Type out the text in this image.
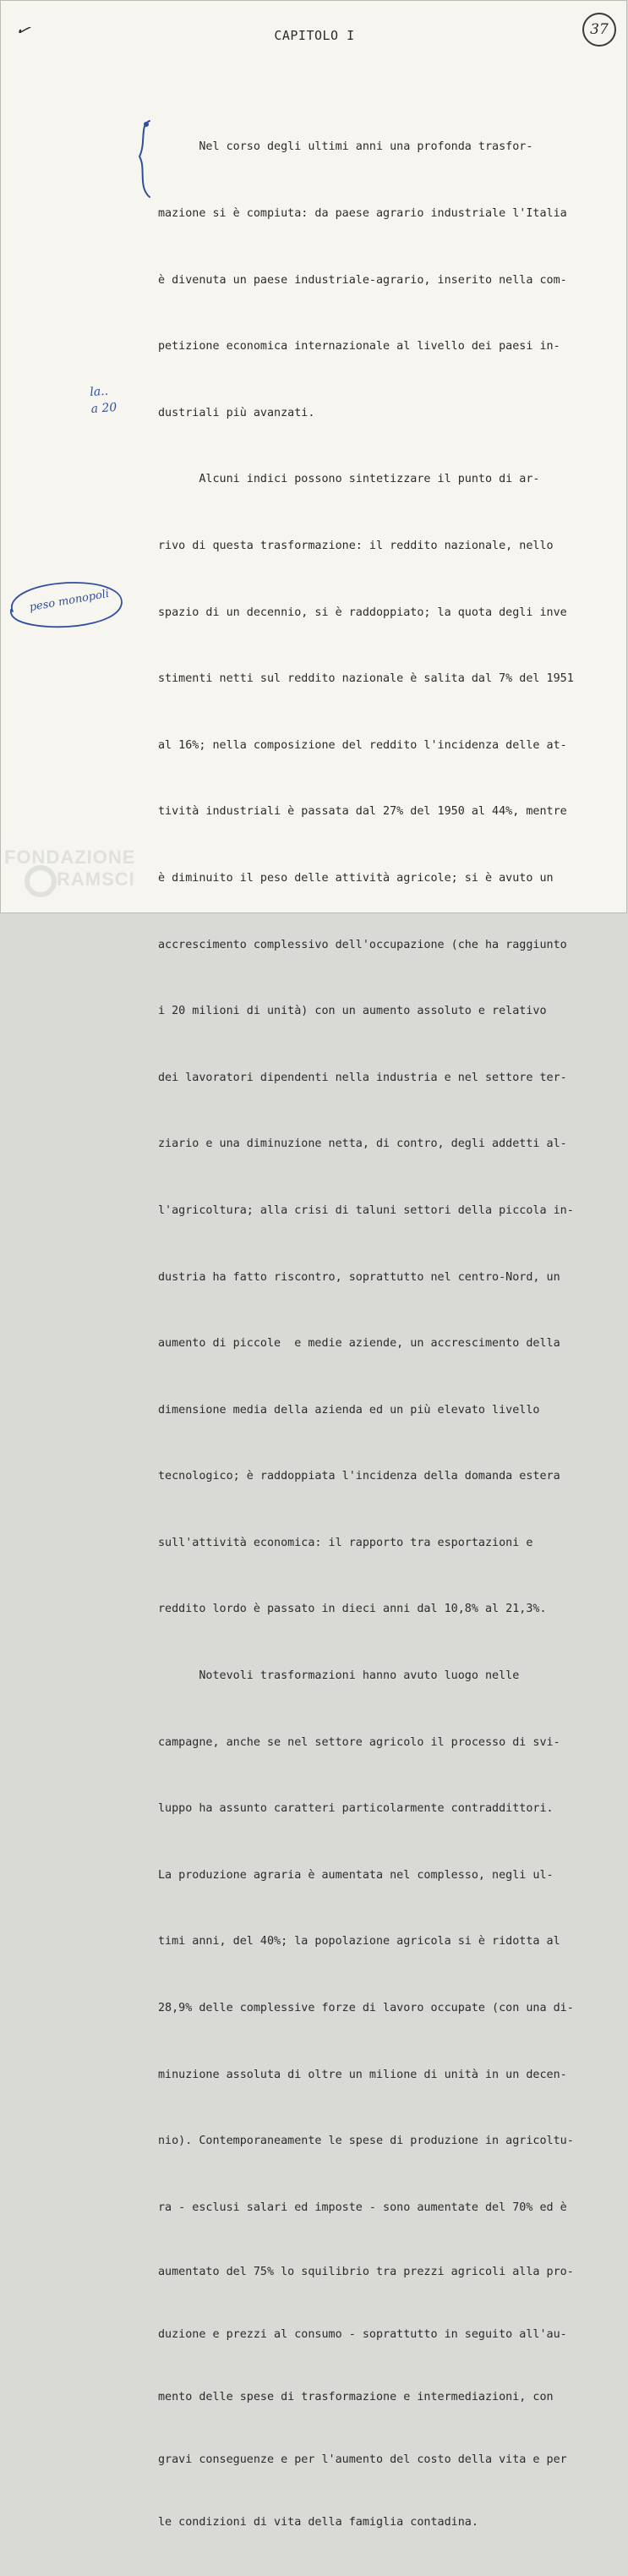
✓	CAPITOLO I	37

Nel corso degli ultimi anni una profonda trasfor-

mazione si è compiuta: da paese agrario industriale l'Italia

è divenuta un paese industriale-agrario, inserito nella com-

petizione economica internazionale al livello dei paesi in-

dustriali più avanzati.

Alcuni indici possono sintetizzare il punto di ar-

rivo di questa trasformazione: il reddito nazionale, nello

spazio di un decennio, si è raddoppiato; la quota degli inve

stimenti netti sul reddito nazionale è salita dal 7% del 1951

al 16%; nella composizione del reddito l'incidenza delle at-

tività industriali è passata dal 27% del 1950 al 44%, mentre

è diminuito il peso delle attività agricole; si è avuto un

accrescimento complessivo dell'occupazione (che ha raggiunto

i 20 milioni di unità) con un aumento assoluto e relativo

dei lavoratori dipendenti nella industria e nel settore ter-

ziario e una diminuzione netta, di contro, degli addetti al-

l'agricoltura; alla crisi di taluni settori della piccola in-

dustria ha fatto riscontro, soprattutto nel centro-Nord, un

aumento di piccole  e medie aziende, un accrescimento della

dimensione media della azienda ed un più elevato livello

tecnologico; è raddoppiata l'incidenza della domanda estera

sull'attività economica: il rapporto tra esportazioni e

reddito lordo è passato in dieci anni dal 10,8% al 21,3%.

Notevoli trasformazioni hanno avuto luogo nelle

campagne, anche se nel settore agricolo il processo di svi-

luppo ha assunto caratteri particolarmente contraddittori.

La produzione agraria è aumentata nel complesso, negli ul-

timi anni, del 40%; la popolazione agricola si è ridotta al

28,9% delle complessive forze di lavoro occupate (con una di-

minuzione assoluta di oltre un milione di unità in un decen-

nio). Contemporaneamente le spese di produzione in agricoltu-

ra - esclusi salari ed imposte - sono aumentate del 70% ed è

aumentato del 75% lo squilibrio tra prezzi agricoli alla pro-

duzione e prezzi al consumo - soprattutto in seguito all'au-

mento delle spese di trasformazione e intermediazioni, con

gravi conseguenze e per l'aumento del costo della vita e per

le condizioni di vita della famiglia contadina.

la..
a 20
peso monopoli
FONDAZIONE
RAMSCI
